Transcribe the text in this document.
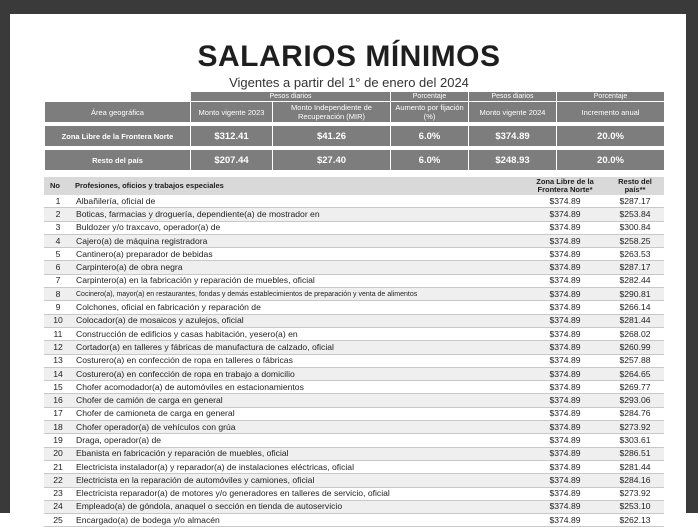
SALARIOS MÍNIMOS
Vigentes a partir del 1° de enero del 2024
	Pesos diarios		Porcentaje	Pesos diarios	Porcentaje
Área geográfica	Monto vigente 2023	Monto Independiente de Recuperación (MIR)	Aumento por fijación (%)	Monto vigente 2024	Incremento anual

Zona Libre de la Frontera Norte	$312.41	$41.26	6.0%	$374.89	20.0%

Resto del país	$207.44	$27.40	6.0%	$248.93	20.0%
No	Profesiones, oficios y trabajos especiales	Zona Libre de la Frontera Norte*	Resto del país**
1	Albañilería, oficial de	$374.89	$287.17
2	Boticas, farmacias y droguería, dependiente(a) de mostrador en	$374.89	$253.84
3	Buldozer y/o traxcavo, operador(a) de	$374.89	$300.84
4	Cajero(a) de máquina registradora	$374.89	$258.25
5	Cantinero(a) preparador de bebidas	$374.89	$263.53
6	Carpintero(a) de obra negra	$374.89	$287.17
7	Carpintero(a) en la fabricación y reparación de muebles, oficial	$374.89	$282.44
8	Cocinero(a), mayor(a) en restaurantes, fondas y demás establecimientos de preparación y venta de alimentos	$374.89	$290.81
9	Colchones, oficial en fabricación y reparación de	$374.89	$266.14
10	Colocador(a) de mosaicos y azulejos, oficial	$374.89	$281.44
11	Construcción de edificios y casas habitación, yesero(a) en	$374.89	$268.02
12	Cortador(a) en talleres y fábricas de manufactura de calzado, oficial	$374.89	$260.99
13	Costurero(a) en confección de ropa en talleres o fábricas	$374.89	$257.88
14	Costurero(a) en confección de ropa en trabajo a domicilio	$374.89	$264.65
15	Chofer acomodador(a) de automóviles en estacionamientos	$374.89	$269.77
16	Chofer de camión de carga en general	$374.89	$293.06
17	Chofer de camioneta de carga en general	$374.89	$284.76
18	Chofer operador(a) de vehículos con grúa	$374.89	$273.92
19	Draga, operador(a) de	$374.89	$303.61
20	Ebanista en fabricación y reparación de muebles, oficial	$374.89	$286.51
21	Electricista instalador(a) y reparador(a) de instalaciones eléctricas, oficial	$374.89	$281.44
22	Electricista en la reparación de automóviles y camiones, oficial	$374.89	$284.16
23	Electricista reparador(a) de motores y/o generadores en talleres de servicio, oficial	$374.89	$273.92
24	Empleado(a) de góndola, anaquel o sección en tienda de autoservicio	$374.89	$253.10
25	Encargado(a) de bodega y/o almacén	$374.89	$262.13
